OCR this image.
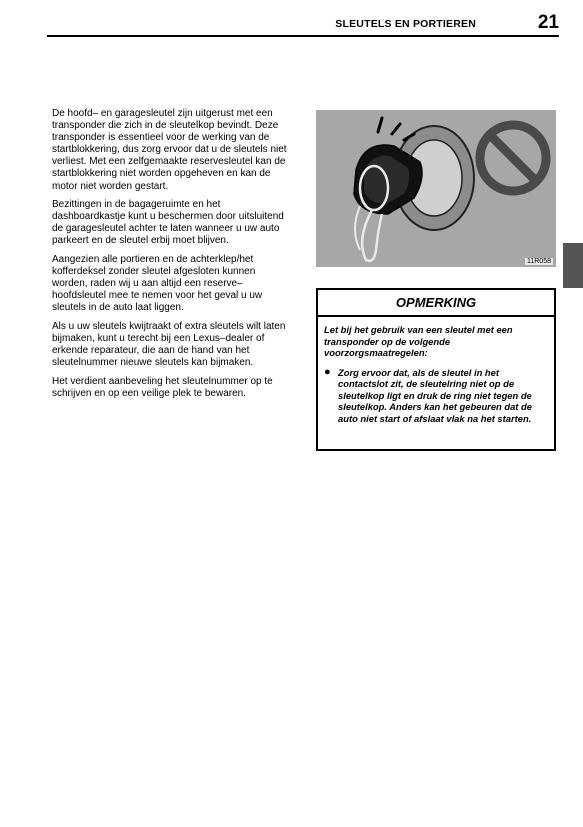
SLEUTELS EN PORTIEREN	21

De hoofd– en garagesleutel zijn uitgerust met een transponder die zich in de sleutelkop bevindt. Deze transponder is essentieel voor de werking van de startblokkering, dus zorg ervoor dat u de sleutels niet verliest. Met een zelfgemaakte reservesleutel kan de startblokkering niet worden opgeheven en kan de motor niet worden gestart.

Bezittingen in de bagageruimte en het dashboardkastje kunt u beschermen door uitsluitend de garagesleutel achter te laten wanneer u uw auto parkeert en de sleutel erbij moet blijven.

Aangezien alle portieren en de achterklep/het kofferdeksel zonder sleutel afgesloten kunnen worden, raden wij u aan altijd een reserve–hoofdsleutel mee te nemen voor het geval u uw sleutels in de auto laat liggen.

Als u uw sleutels kwijtraakt of extra sleutels wilt laten bijmaken, kunt u terecht bij een Lexus–dealer of erkende reparateur, die aan de hand van het sleutelnummer nieuwe sleutels kan bijmaken.

Het verdient aanbeveling het sleutelnummer op te schrijven en op een veilige plek te bewaren.

11R058
OPMERKING
Let bij het gebruik van een sleutel met een transponder op de volgende voorzorgsmaatregelen:
● Zorg ervoor dat, als de sleutel in het contactslot zit, de sleutelring niet op de sleutelkop ligt en druk de ring niet tegen de sleutelkop. Anders kan het gebeuren dat de auto niet start of afslaat vlak na het starten.
